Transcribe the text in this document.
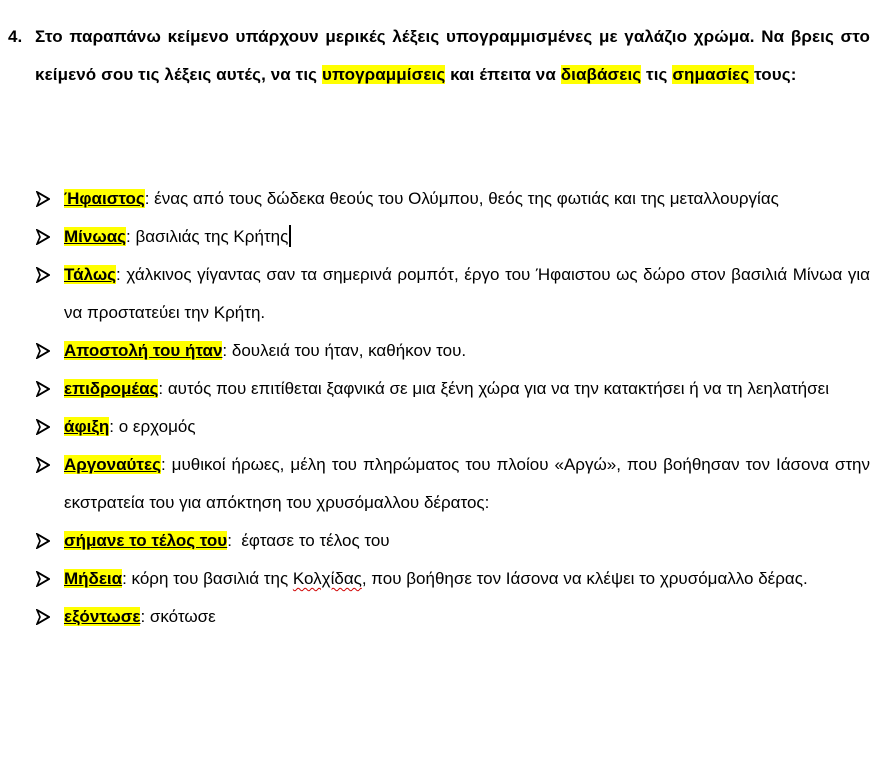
4. Στο παραπάνω κείμενο υπάρχουν μερικές λέξεις υπογραμμισμένες με γαλάζιο χρώμα. Να βρεις στο κείμενό σου τις λέξεις αυτές, να τις υπογραμμίσεις και έπειτα να διαβάσεις τις σημασίες τους:
Ήφαιστος: ένας από τους δώδεκα θεούς του Ολύμπου, θεός της φωτιάς και της μεταλλουργίας
Μίνωας: βασιλιάς της Κρήτης
Τάλως: χάλκινος γίγαντας σαν τα σημερινά ρομπότ, έργο του Ήφαιστου ως δώρο στον βασιλιά Μίνωα για να προστατεύει την Κρήτη.
Αποστολή του ήταν: δουλειά του ήταν, καθήκον του.
επιδρομέας: αυτός που επιτίθεται ξαφνικά σε μια ξένη χώρα για να την κατακτήσει ή να τη λεηλατήσει
άφιξη: ο ερχομός
Αργοναύτες: μυθικοί ήρωες, μέλη του πληρώματος του πλοίου «Αργώ», που βοήθησαν τον Ιάσονα στην εκστρατεία του για απόκτηση του χρυσόμαλλου δέρατος:
σήμανε το τέλος του:  έφτασε το τέλος του
Μήδεια: κόρη του βασιλιά της Κολχίδας, που βοήθησε τον Ιάσονα να κλέψει το χρυσόμαλλο δέρας.
εξόντωσε: σκότωσε
